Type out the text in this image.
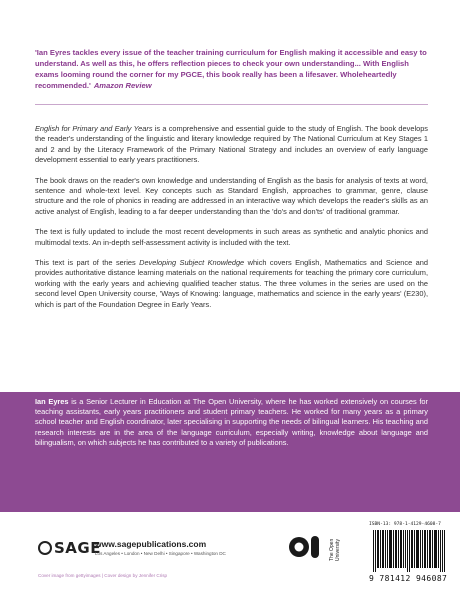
'Ian Eyres tackles every issue of the teacher training curriculum for English making it accessible and easy to understand. As well as this, he offers reflection pieces to check your own understanding... With English exams looming round the corner for my PGCE, this book really has been a lifesaver. Wholeheartedly recommended.' Amazon Review

English for Primary and Early Years is a comprehensive and essential guide to the study of English. The book develops the reader's understanding of the linguistic and literary knowledge required by The National Curriculum at Key Stages 1 and 2 and by the Literacy Framework of the Primary National Strategy and includes an overview of early language development essential to early years practitioners.

The book draws on the reader's own knowledge and understanding of English as the basis for analysis of texts at word, sentence and whole-text level. Key concepts such as Standard English, approaches to grammar, genre, clause structure and the role of phonics in reading are addressed in an interactive way which develops the reader's skills as an active analyst of English, leading to a far deeper understanding than the 'do's and don'ts' of traditional grammar.

The text is fully updated to include the most recent developments in such areas as synthetic and analytic phonics and multimodal texts. An in-depth self-assessment activity is included with the text.

This text is part of the series Developing Subject Knowledge which covers English, Mathematics and Science and provides authoritative distance learning materials on the national requirements for teaching the primary core curriculum, working with the early years and achieving qualified teacher status. The three volumes in the series are used on the second level Open University course, 'Ways of Knowing: language, mathematics and science in the early years' (E230), which is part of the Foundation Degree in Early Years.

Ian Eyres is a Senior Lecturer in Education at The Open University, where he has worked extensively on courses for teaching assistants, early years practitioners and student primary teachers. He worked for many years as a primary school teacher and English coordinator, later specialising in supporting the needs of bilingual learners. His teaching and research interests are in the area of the language curriculum, especially writing, knowledge about language and bilingualism, on which subjects he has contributed to a variety of publications.
SAGE
www.sagepublications.com
Los Angeles • London • New Delhi • Singapore • Washington DC
Cover image from gettyimages | Cover design by Jennifer Crisp
The Open University
ISBN-13: 978-1-4129-4608-7
9 781412 946087
